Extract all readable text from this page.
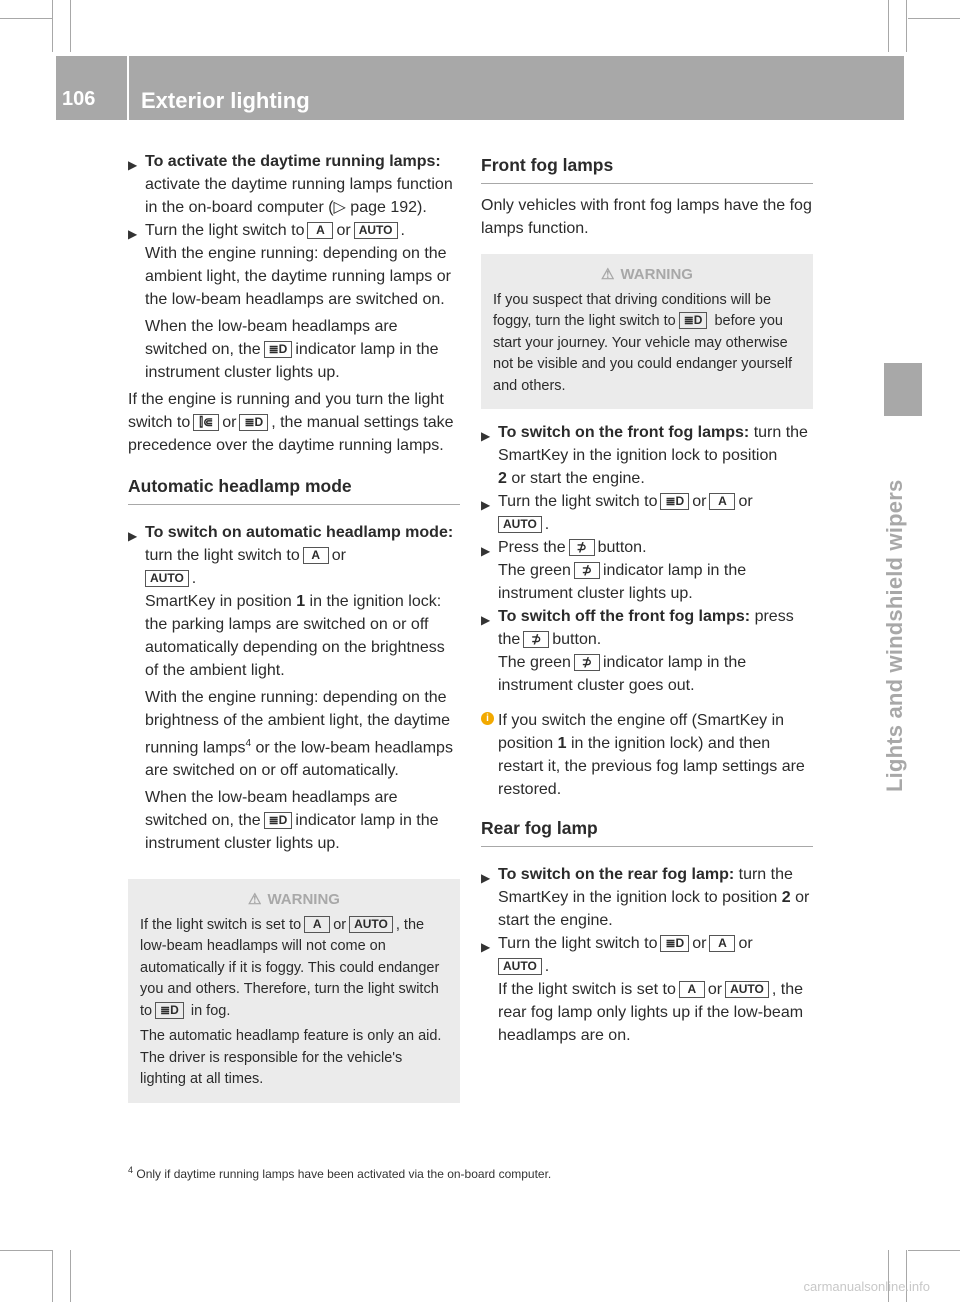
106 Exterior lighting
Lights and windshield wipers
▶ To activate the daytime running lamps: activate the daytime running lamps function in the on-board computer (▷ page 192).
▶ Turn the light switch to A or AUTO .
With the engine running: depending on the ambient light, the daytime running lamps or the low-beam headlamps are switched on.
When the low-beam headlamps are switched on, the ≣D indicator lamp in the instrument cluster lights up.

If the engine is running and you turn the light switch to ⫿⋐ or ≣D , the manual settings take precedence over the daytime running lamps.

Automatic headlamp mode
▶ To switch on automatic headlamp mode: turn the light switch to A or
AUTO .
SmartKey in position 1 in the ignition lock: the parking lamps are switched on or off automatically depending on the brightness of the ambient light.
With the engine running: depending on the brightness of the ambient light, the daytime running lamps$^4$ or the low-beam headlamps are switched on or off automatically.
When the low-beam headlamps are switched on, the ≣D indicator lamp in the instrument cluster lights up.
⚠ WARNING
If the light switch is set to A or AUTO , the low-beam headlamps will not come on automatically if it is foggy. This could endanger you and others. Therefore, turn the light switch to ≣D in fog.
The automatic headlamp feature is only an aid. The driver is responsible for the vehicle's lighting at all times.
Front fog lamps

Only vehicles with front fog lamps have the fog lamps function.

⚠ WARNING
If you suspect that driving conditions will be foggy, turn the light switch to ≣D before you start your journey. Your vehicle may otherwise not be visible and you could endanger yourself and others.
▶ To switch on the front fog lamps: turn the SmartKey in the ignition lock to position
2 or start the engine.
▶ Turn the light switch to ≣D or A or
AUTO .
▶ Press the ⊅ button.
The green ⊅ indicator lamp in the instrument cluster lights up.
▶ To switch off the front fog lamps: press the ⊅ button.
The green ⊅ indicator lamp in the instrument cluster goes out.
i If you switch the engine off (SmartKey in position 1 in the ignition lock) and then restart it, the previous fog lamp settings are restored.
Rear fog lamp
▶ To switch on the rear fog lamp: turn the SmartKey in the ignition lock to position 2 or start the engine.
▶ Turn the light switch to ≣D or A or
AUTO .
If the light switch is set to A or AUTO , the rear fog lamp only lights up if the low-beam headlamps are on.
$^4$ Only if daytime running lamps have been activated via the on-board computer.
carmanualsonline.info
